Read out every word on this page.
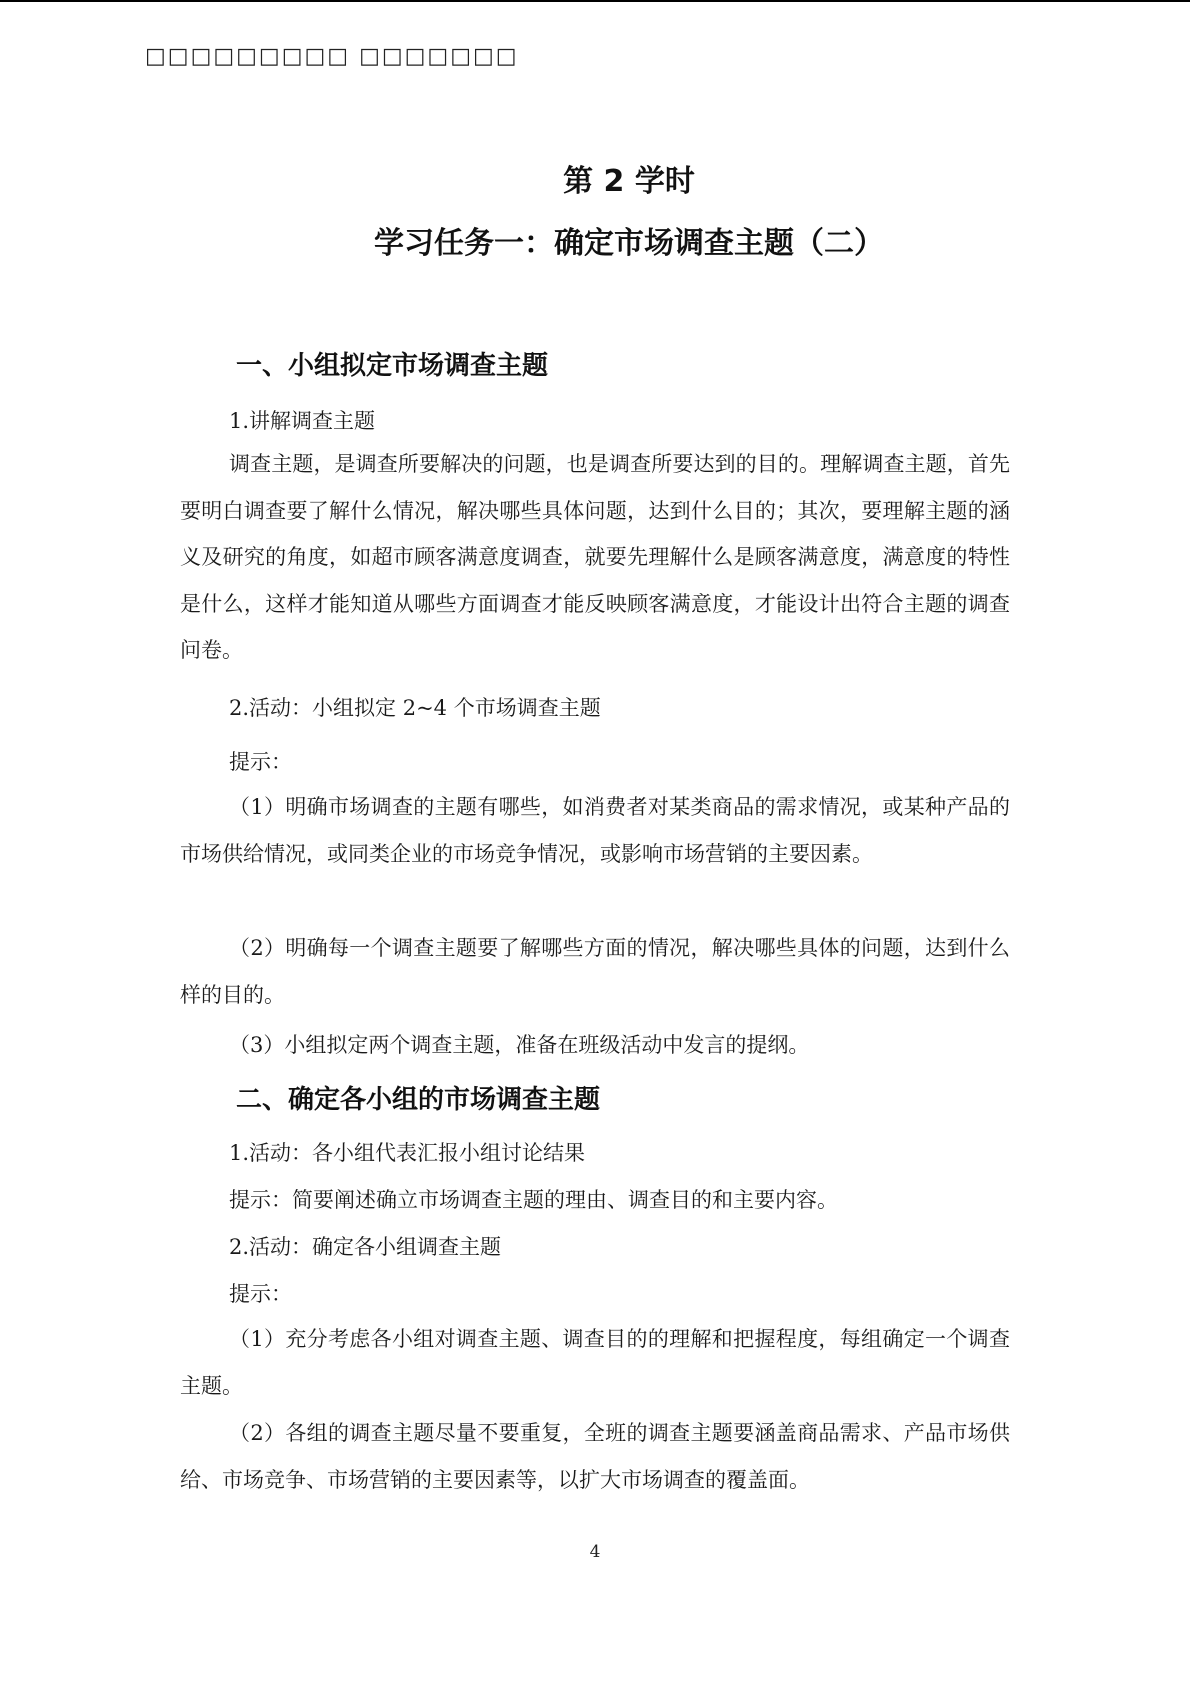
□□□□□□□□□ □□□□□□□
第 2 学时
学习任务一：确定市场调查主题（二）
一、小组拟定市场调查主题
1.讲解调查主题
调查主题，是调查所要解决的问题，也是调查所要达到的目的。理解调查主题，首先要明白调查要了解什么情况，解决哪些具体问题，达到什么目的；其次，要理解主题的涵义及研究的角度，如超市顾客满意度调查，就要先理解什么是顾客满意度，满意度的特性是什么，这样才能知道从哪些方面调查才能反映顾客满意度，才能设计出符合主题的调查问卷。
2.活动：小组拟定 2~4 个市场调查主题
提示：
（1）明确市场调查的主题有哪些，如消费者对某类商品的需求情况，或某种产品的市场供给情况，或同类企业的市场竞争情况，或影响市场营销的主要因素。
（2）明确每一个调查主题要了解哪些方面的情况，解决哪些具体的问题，达到什么样的目的。
（3）小组拟定两个调查主题，准备在班级活动中发言的提纲。
二、确定各小组的市场调查主题
1.活动：各小组代表汇报小组讨论结果
提示：简要阐述确立市场调查主题的理由、调查目的和主要内容。
2.活动：确定各小组调查主题
提示：
（1）充分考虑各小组对调查主题、调查目的的理解和把握程度，每组确定一个调查主题。
（2）各组的调查主题尽量不要重复，全班的调查主题要涵盖商品需求、产品市场供给、市场竞争、市场营销的主要因素等，以扩大市场调查的覆盖面。
4
